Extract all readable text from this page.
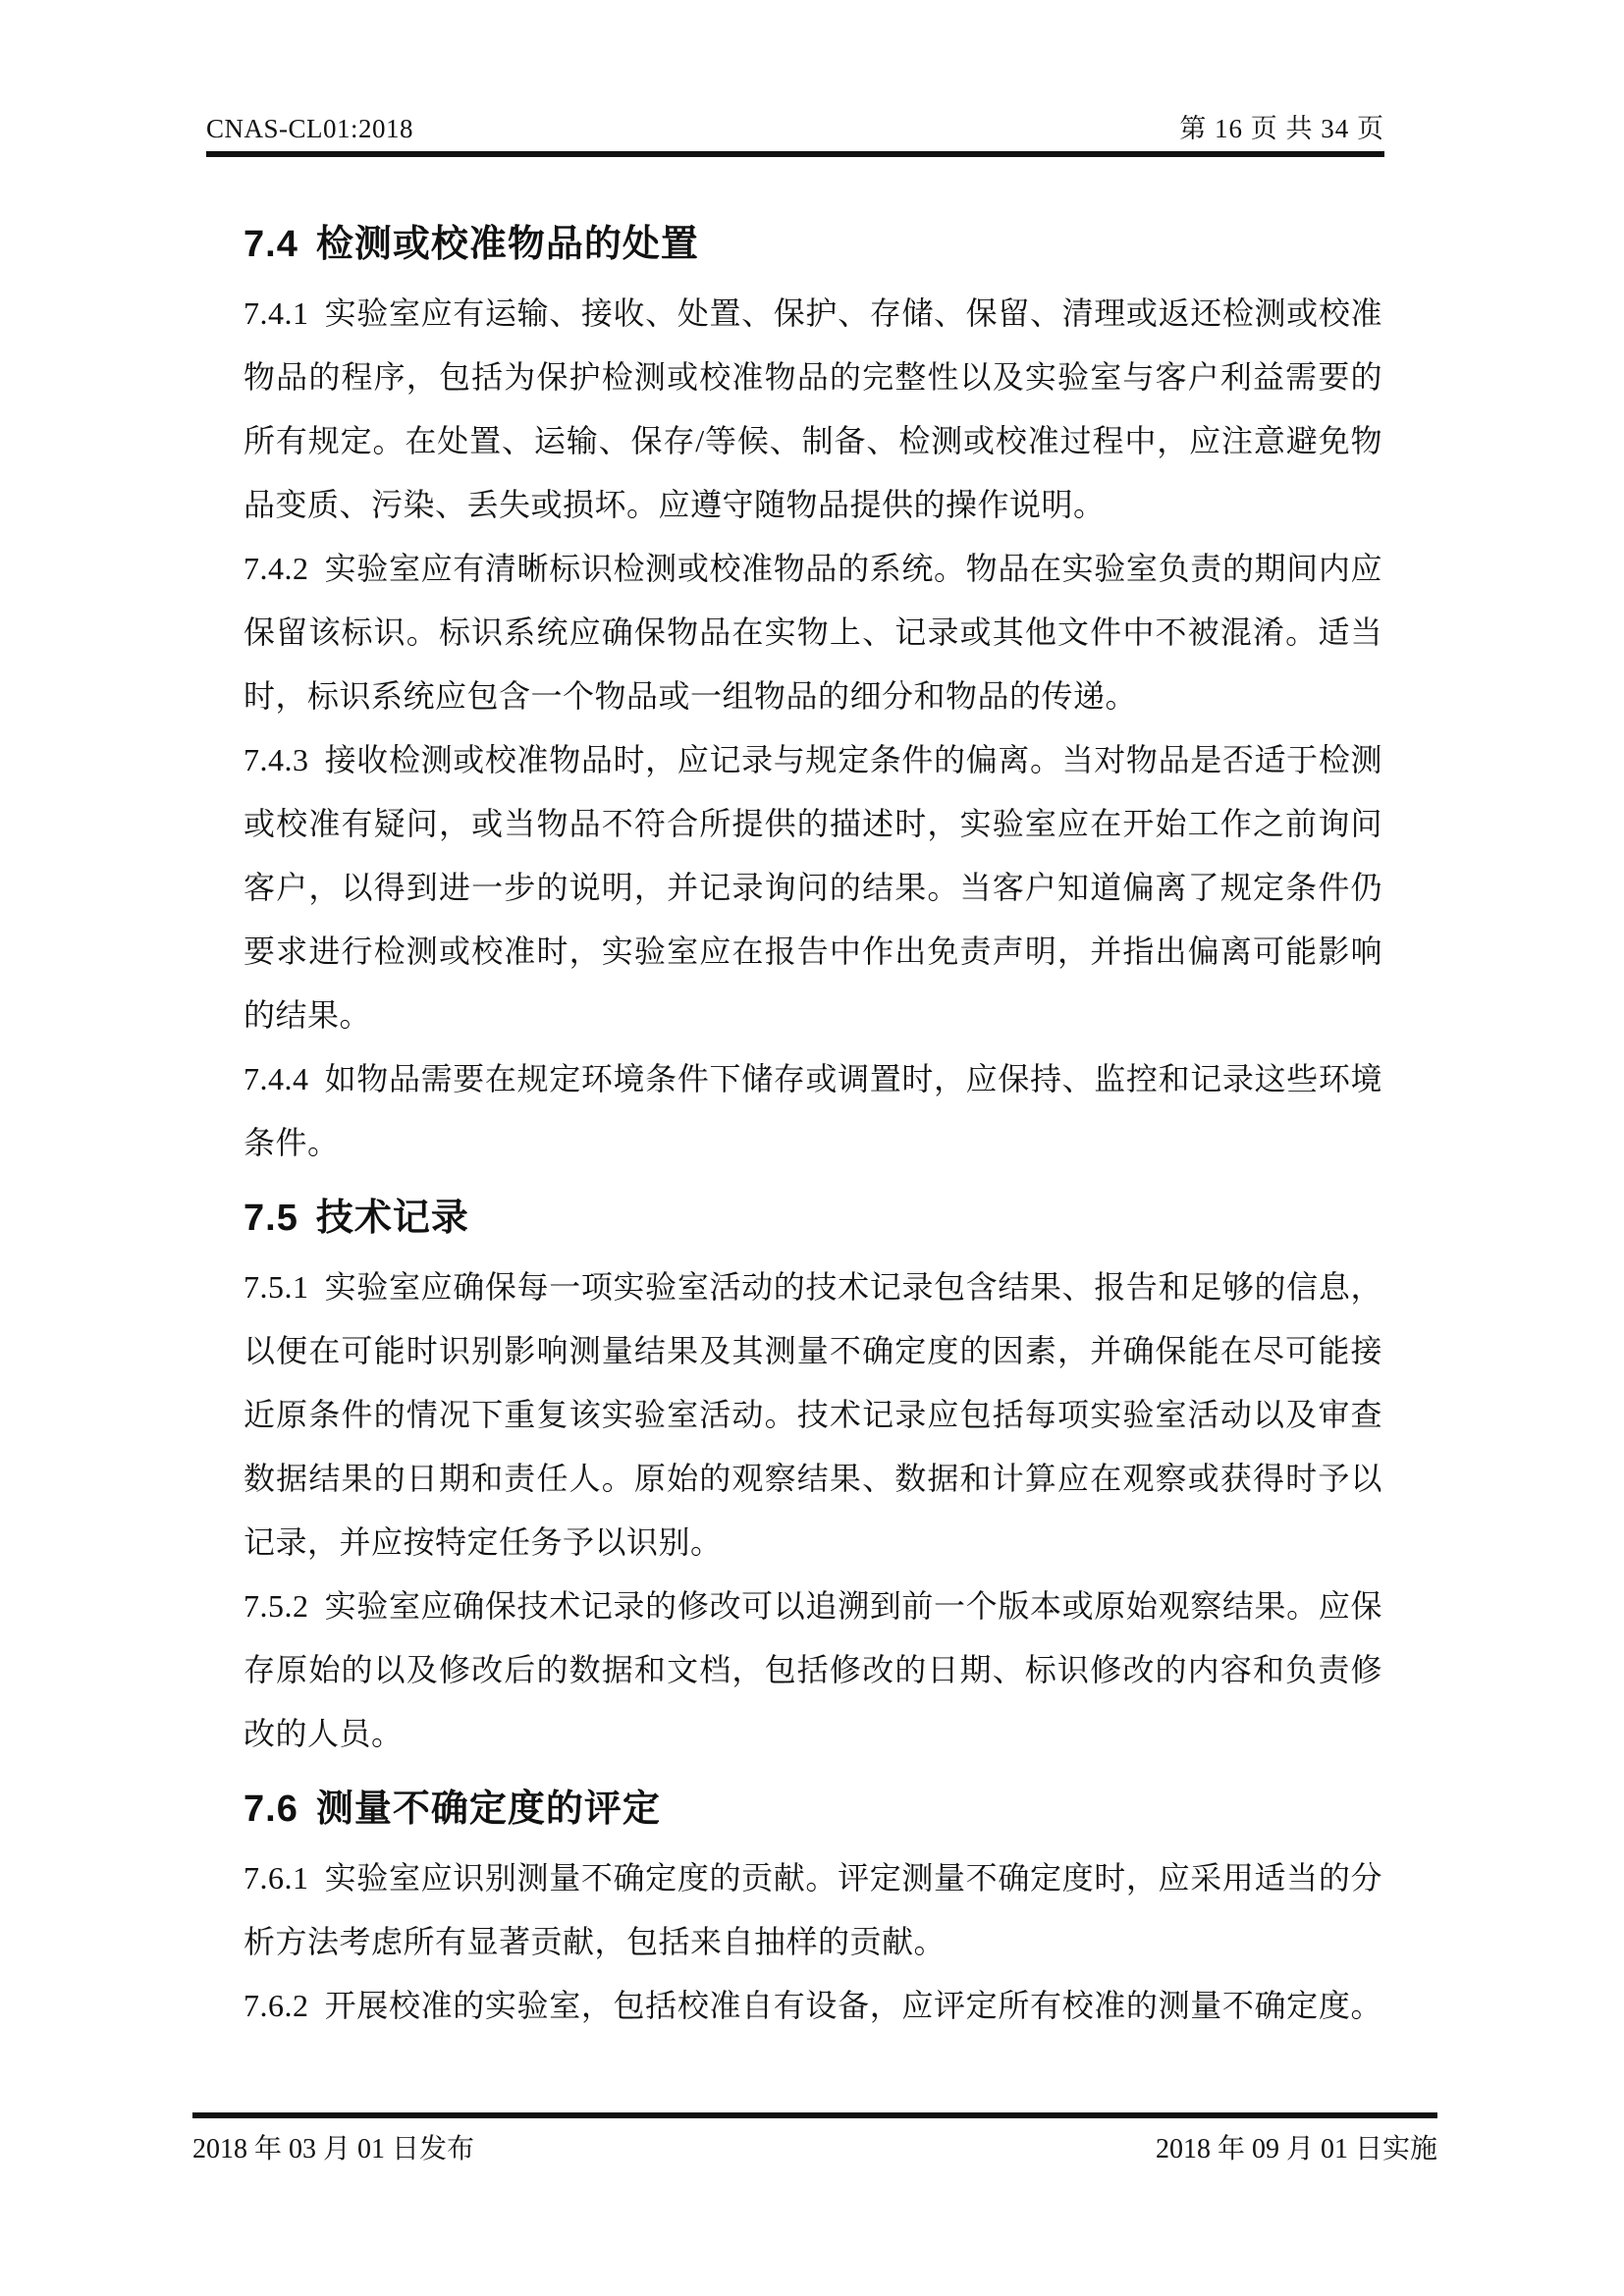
CNAS-CL01:2018	第 16 页 共 34 页
7.4 检测或校准物品的处置

7.4.1 实验室应有运输、接收、处置、保护、存储、保留、清理或返还检测或校准物品的程序，包括为保护检测或校准物品的完整性以及实验室与客户利益需要的所有规定。在处置、运输、保存/等候、制备、检测或校准过程中，应注意避免物品变质、污染、丢失或损坏。应遵守随物品提供的操作说明。

7.4.2 实验室应有清晰标识检测或校准物品的系统。物品在实验室负责的期间内应保留该标识。标识系统应确保物品在实物上、记录或其他文件中不被混淆。适当时，标识系统应包含一个物品或一组物品的细分和物品的传递。

7.4.3 接收检测或校准物品时，应记录与规定条件的偏离。当对物品是否适于检测或校准有疑问，或当物品不符合所提供的描述时，实验室应在开始工作之前询问客户，以得到进一步的说明，并记录询问的结果。当客户知道偏离了规定条件仍要求进行检测或校准时，实验室应在报告中作出免责声明，并指出偏离可能影响的结果。

7.4.4 如物品需要在规定环境条件下储存或调置时，应保持、监控和记录这些环境条件。

7.5 技术记录

7.5.1 实验室应确保每一项实验室活动的技术记录包含结果、报告和足够的信息，以便在可能时识别影响测量结果及其测量不确定度的因素，并确保能在尽可能接近原条件的情况下重复该实验室活动。技术记录应包括每项实验室活动以及审查数据结果的日期和责任人。原始的观察结果、数据和计算应在观察或获得时予以记录，并应按特定任务予以识别。

7.5.2 实验室应确保技术记录的修改可以追溯到前一个版本或原始观察结果。应保存原始的以及修改后的数据和文档，包括修改的日期、标识修改的内容和负责修改的人员。

7.6 测量不确定度的评定

7.6.1 实验室应识别测量不确定度的贡献。评定测量不确定度时，应采用适当的分析方法考虑所有显著贡献，包括来自抽样的贡献。

7.6.2 开展校准的实验室，包括校准自有设备，应评定所有校准的测量不确定度。

2018 年 03 月 01 日发布	2018 年 09 月 01 日实施
